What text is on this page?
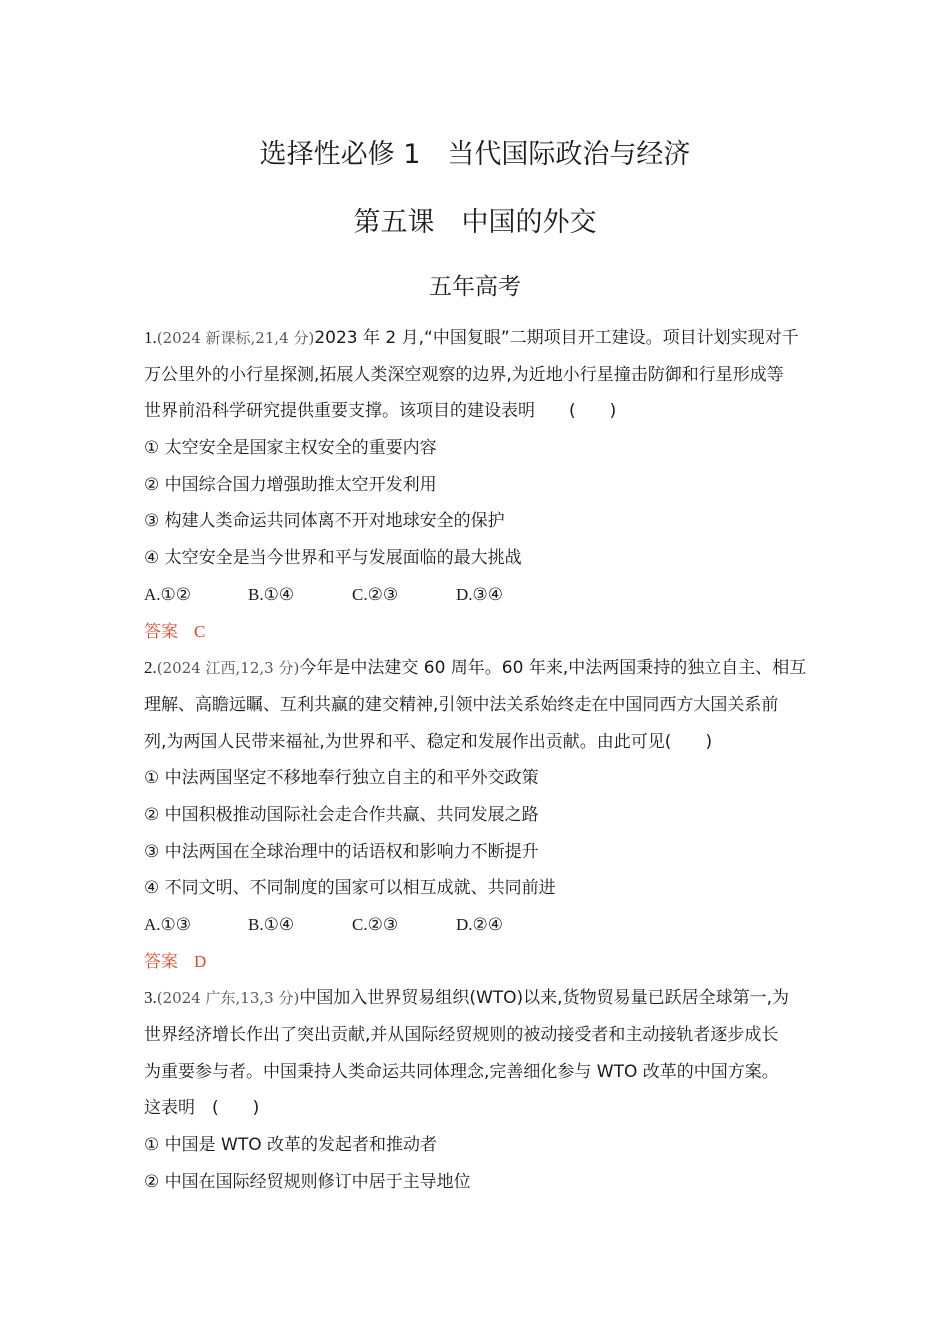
选择性必修 1　当代国际政治与经济
第五课　中国的外交
五年高考
1.(2024 新课标,21,4 分)2023 年 2 月,“中国复眼”二期项目开工建设。项目计划实现对千
万公里外的小行星探测,拓展人类深空观察的边界,为近地小行星撞击防御和行星形成等
世界前沿科学研究提供重要支撑。该项目的建设表明　　(　　)
① 太空安全是国家主权安全的重要内容
② 中国综合国力增强助推太空开发利用
③ 构建人类命运共同体离不开对地球安全的保护
④ 太空安全是当今世界和平与发展面临的最大挑战
A.①②	B.①④	C.②③	D.③④
答案 C
2.(2024 江西,12,3 分)今年是中法建交 60 周年。60 年来,中法两国秉持的独立自主、相互
理解、高瞻远瞩、互利共赢的建交精神,引领中法关系始终走在中国同西方大国关系前
列,为两国人民带来福祉,为世界和平、稳定和发展作出贡献。由此可见(　　)
① 中法两国坚定不移地奉行独立自主的和平外交政策
② 中国积极推动国际社会走合作共赢、共同发展之路
③ 中法两国在全球治理中的话语权和影响力不断提升
④ 不同文明、不同制度的国家可以相互成就、共同前进
A.①③	B.①④	C.②③	D.②④
答案 D
3.(2024 广东,13,3 分)中国加入世界贸易组织(WTO)以来,货物贸易量已跃居全球第一,为
世界经济增长作出了突出贡献,并从国际经贸规则的被动接受者和主动接轨者逐步成长
为重要参与者。中国秉持人类命运共同体理念,完善细化参与 WTO 改革的中国方案。
这表明　(　　)
① 中国是 WTO 改革的发起者和推动者
② 中国在国际经贸规则修订中居于主导地位
